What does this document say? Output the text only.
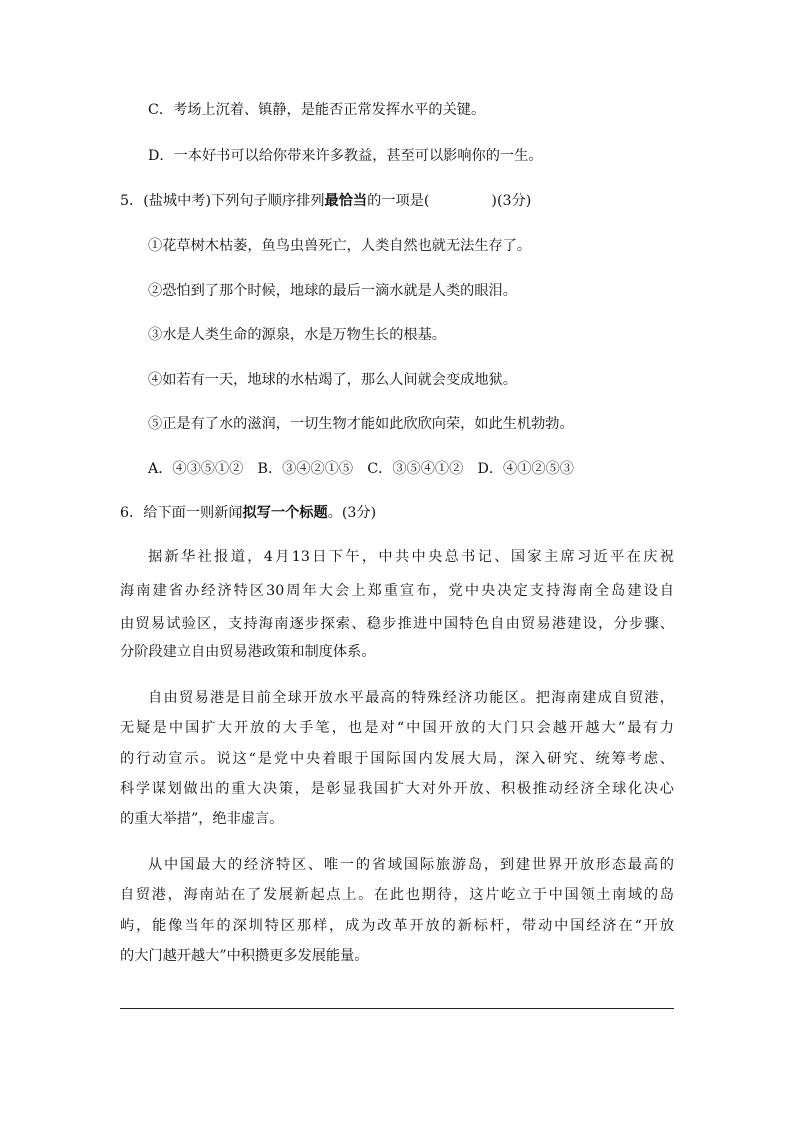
C．考场上沉着、镇静，是能否正常发挥水平的关键。
D．一本好书可以给你带来许多教益，甚至可以影响你的一生。
5．(盐城中考)下列句子顺序排列最恰当的一项是(	)(3分)
①花草树木枯萎，鱼鸟虫兽死亡，人类自然也就无法生存了。
②恐怕到了那个时候，地球的最后一滴水就是人类的眼泪。
③水是人类生命的源泉，水是万物生长的根基。
④如若有一天，地球的水枯竭了，那么人间就会变成地狱。
⑤正是有了水的滋润，一切生物才能如此欣欣向荣，如此生机勃勃。
A．④③⑤①②　B．③④②①⑤　C．③⑤④①②　D．④①②⑤③
6．给下面一则新闻拟写一个标题。(3分)
据新华社报道，4月13日下午，中共中央总书记、国家主席习近平在庆祝
海南建省办经济特区30周年大会上郑重宣布，党中央决定支持海南全岛建设自
由贸易试验区，支持海南逐步探索、稳步推进中国特色自由贸易港建设，分步骤、
分阶段建立自由贸易港政策和制度体系。
自由贸易港是目前全球开放水平最高的特殊经济功能区。把海南建成自贸港，
无疑是中国扩大开放的大手笔，也是对“中国开放的大门只会越开越大”最有力
的行动宣示。说这“是党中央着眼于国际国内发展大局，深入研究、统筹考虑、
科学谋划做出的重大决策，是彰显我国扩大对外开放、积极推动经济全球化决心
的重大举措”，绝非虚言。
从中国最大的经济特区、唯一的省域国际旅游岛，到建世界开放形态最高的
自贸港，海南站在了发展新起点上。在此也期待，这片屹立于中国领土南域的岛
屿，能像当年的深圳特区那样，成为改革开放的新标杆，带动中国经济在“开放
的大门越开越大”中积攒更多发展能量。
